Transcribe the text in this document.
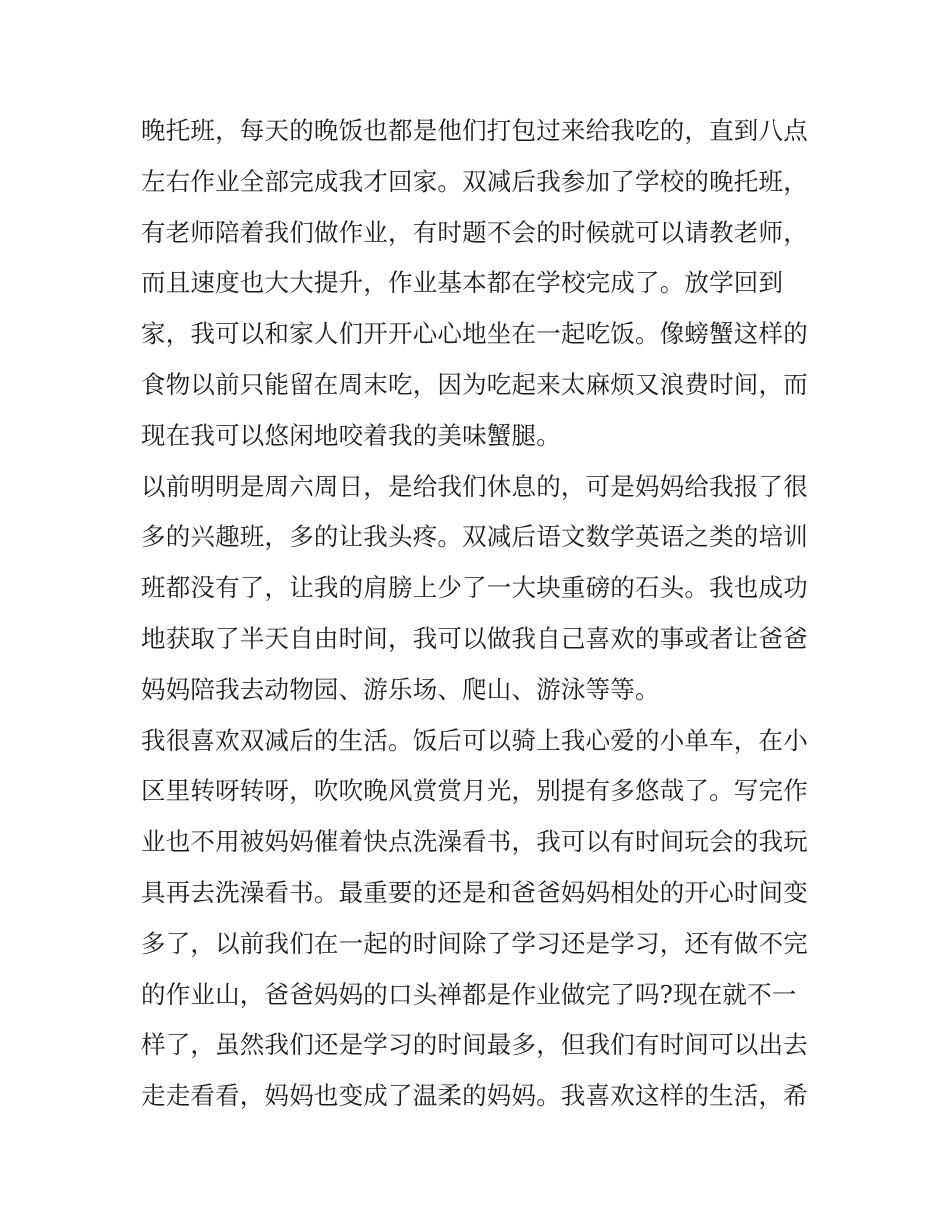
晚托班，每天的晚饭也都是他们打包过来给我吃的，直到八点
左右作业全部完成我才回家。双减后我参加了学校的晚托班，
有老师陪着我们做作业，有时题不会的时候就可以请教老师，
而且速度也大大提升，作业基本都在学校完成了。放学回到
家，我可以和家人们开开心心地坐在一起吃饭。像螃蟹这样的
食物以前只能留在周末吃，因为吃起来太麻烦又浪费时间，而
现在我可以悠闲地咬着我的美味蟹腿。
以前明明是周六周日，是给我们休息的，可是妈妈给我报了很
多的兴趣班，多的让我头疼。双减后语文数学英语之类的培训
班都没有了，让我的肩膀上少了一大块重磅的石头。我也成功
地获取了半天自由时间，我可以做我自己喜欢的事或者让爸爸
妈妈陪我去动物园、游乐场、爬山、游泳等等。
我很喜欢双减后的生活。饭后可以骑上我心爱的小单车，在小
区里转呀转呀，吹吹晚风赏赏月光，别提有多悠哉了。写完作
业也不用被妈妈催着快点洗澡看书，我可以有时间玩会的我玩
具再去洗澡看书。最重要的还是和爸爸妈妈相处的开心时间变
多了，以前我们在一起的时间除了学习还是学习，还有做不完
的作业山，爸爸妈妈的口头禅都是作业做完了吗?现在就不一
样了，虽然我们还是学习的时间最多，但我们有时间可以出去
走走看看，妈妈也变成了温柔的妈妈。我喜欢这样的生活，希
